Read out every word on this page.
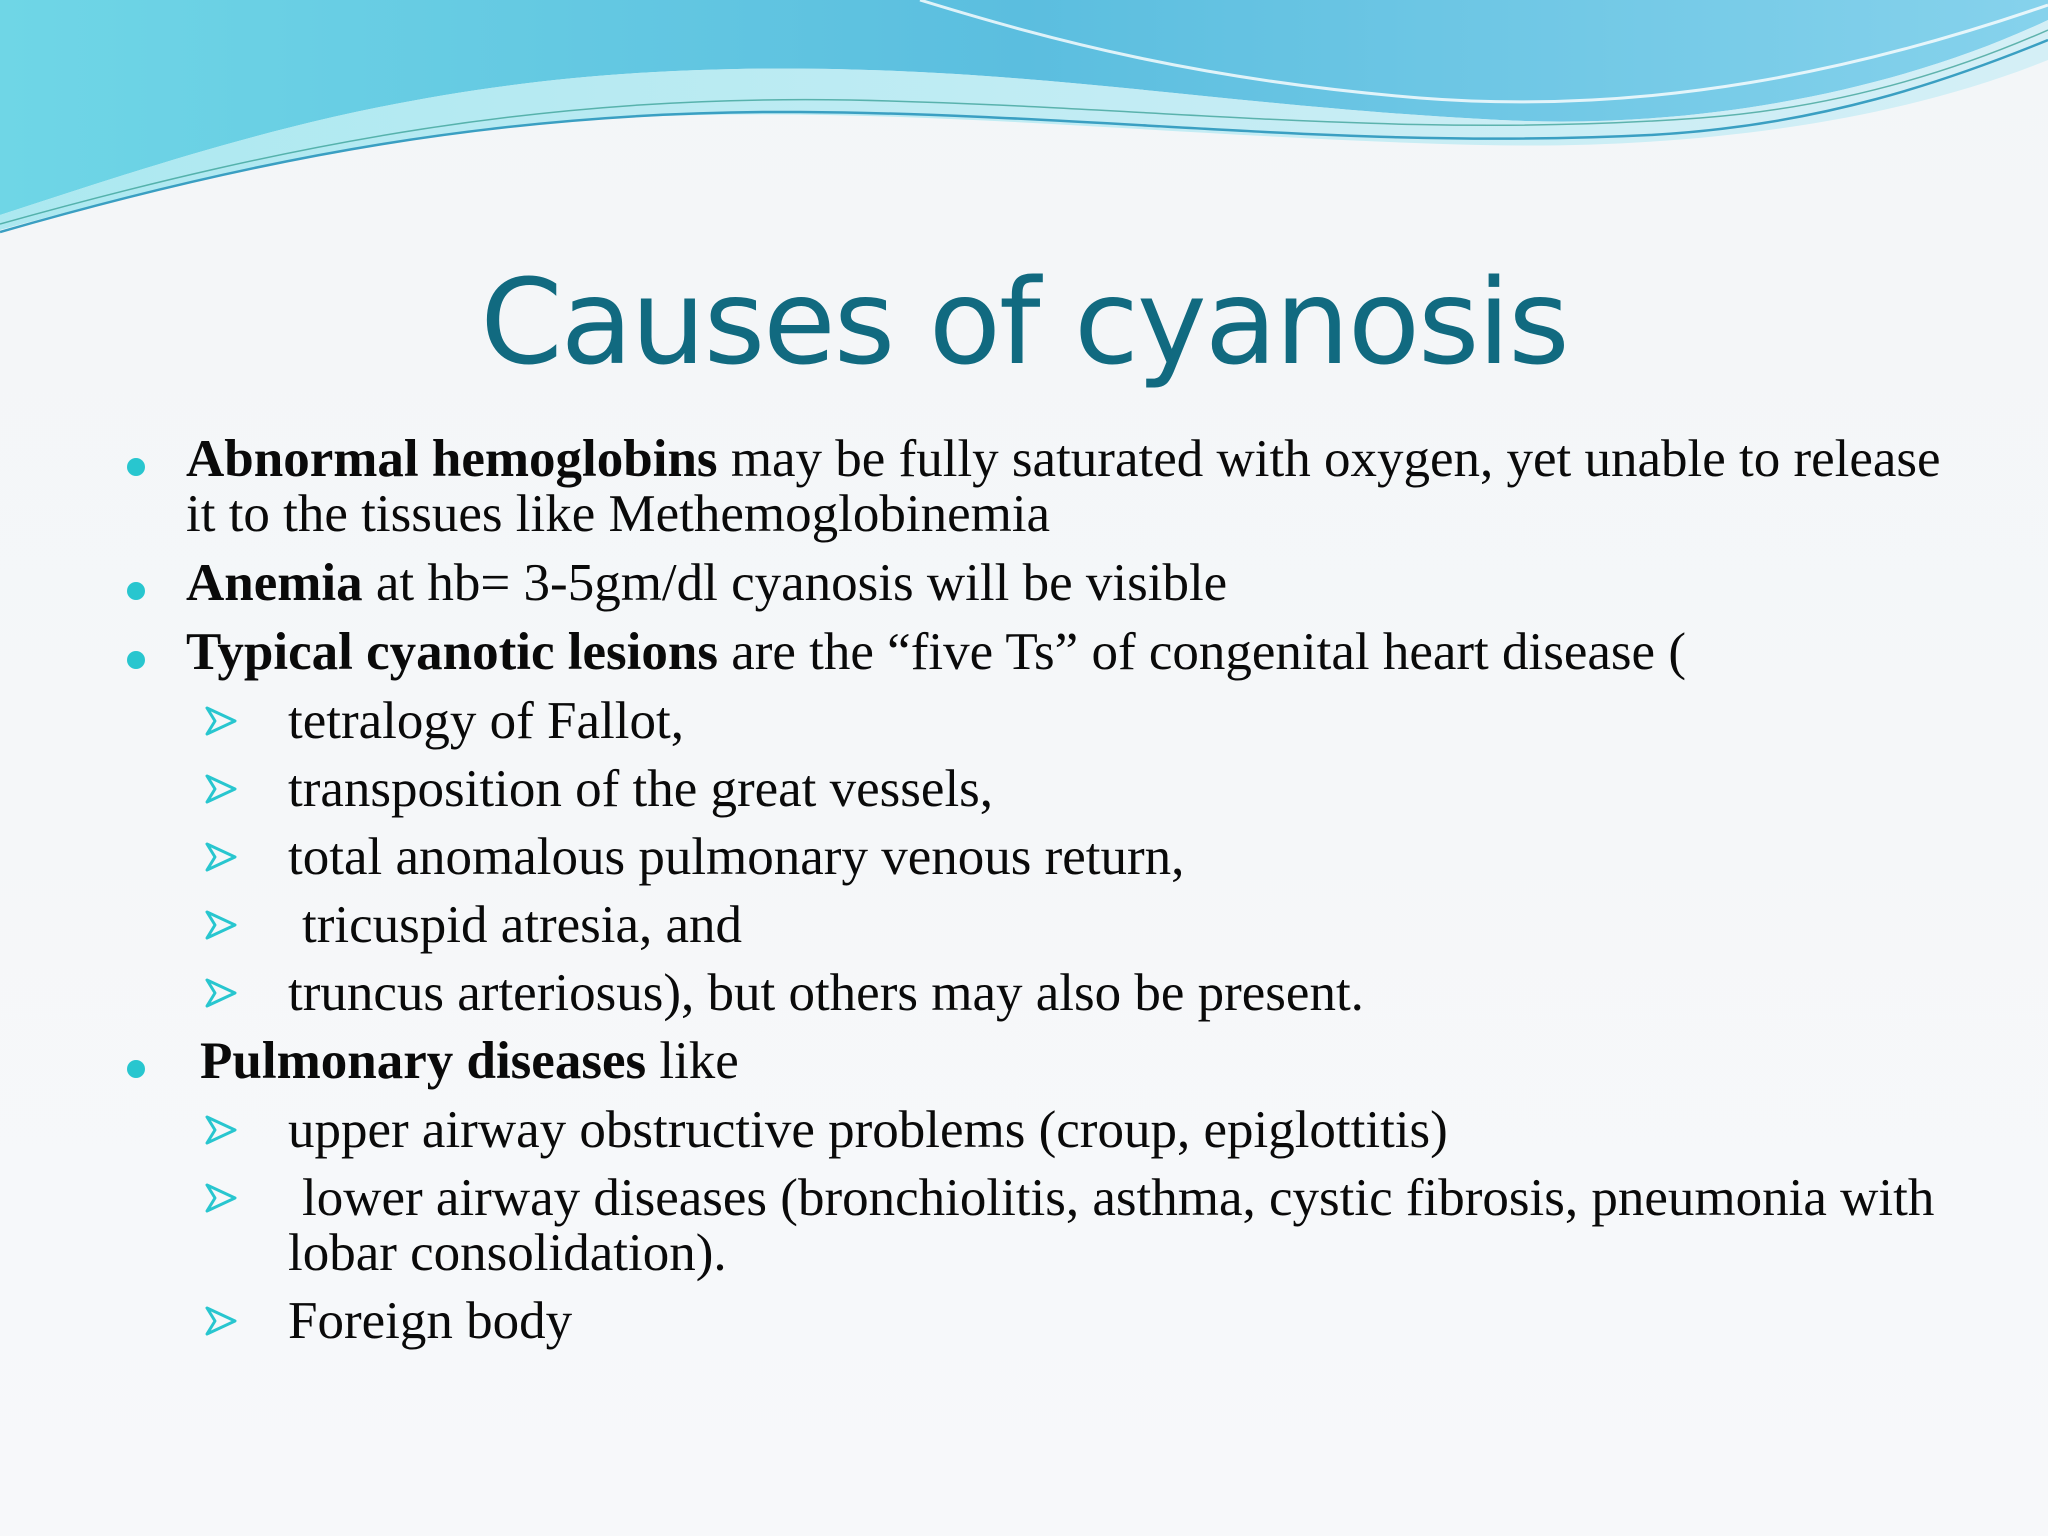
Causes of cyanosis
Abnormal hemoglobins may be fully saturated with oxygen, yet unable to release it to the tissues like Methemoglobinemia
Anemia at hb= 3-5gm/dl cyanosis will be visible
Typical cyanotic lesions are the “five Ts” of congenital heart disease (
tetralogy of Fallot,
transposition of the great vessels,
total anomalous pulmonary venous return,
tricuspid atresia, and
truncus arteriosus), but others may also be present.
Pulmonary diseases like
upper airway obstructive problems (croup, epiglottitis)
lower airway diseases (bronchiolitis, asthma, cystic fibrosis, pneumonia with lobar consolidation).
Foreign body
